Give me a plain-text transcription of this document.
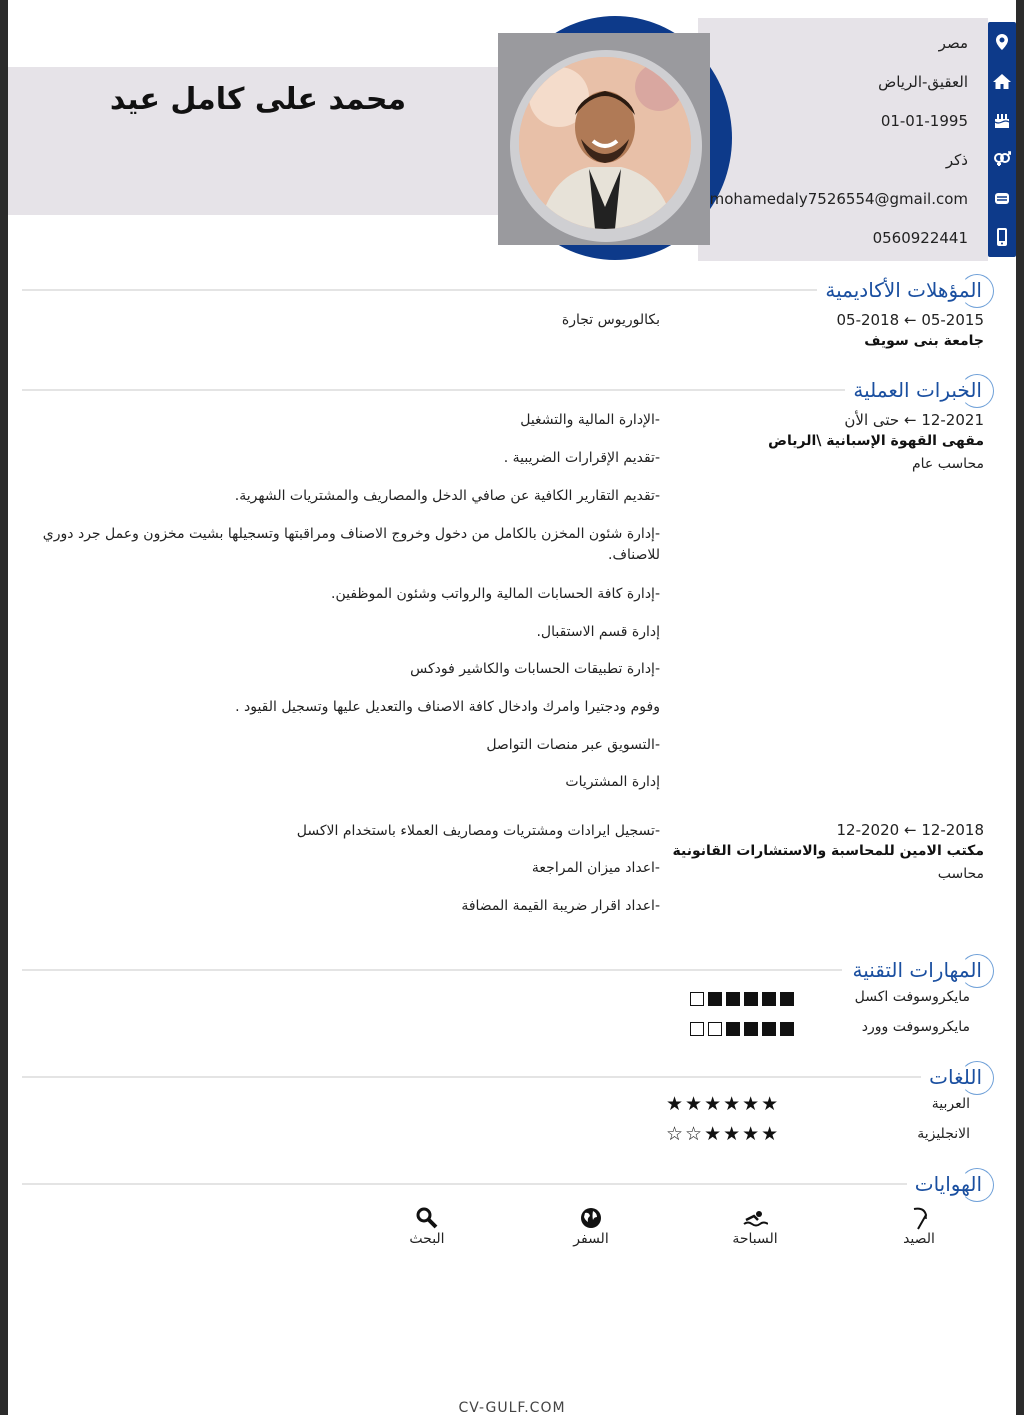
محمد على كامل عيد
مصر
العقيق-الرياض
01-01-1995
ذكر
mohamedaly7526554@gmail.com
0560922441
المؤهلات الأكاديمية
05-2015 ← 05-2018
جامعة بنى سويف
بكالوريوس تجارة
الخبرات العملية
12-2021 ← حتى الأن
مقهى القهوة الإسبانية \الرياض
محاسب عام
-الإدارة المالية والتشغيل
-تقديم الإقرارات الضريبية .
-تقديم التقارير الكافية عن صافي الدخل والمصاريف والمشتريات الشهرية.
-إدارة شئون المخزن بالكامل من دخول وخروج الاصناف ومراقبتها وتسجيلها بشيت مخزون وعمل جرد دوري للاصناف.
-إدارة كافة الحسابات المالية والرواتب وشئون الموظفين.
إدارة قسم الاستقبال.
-إدارة تطبيقات الحسابات والكاشير فودكس
وفوم ودجتيرا وامرك وادخال كافة الاصناف والتعديل عليها وتسجيل القيود .
-التسويق عبر منصات التواصل
إدارة المشتريات
12-2018 ← 12-2020
مكتب الامين للمحاسبة والاستشارات القانونية
محاسب
-تسجيل ايرادات ومشتريات ومصاريف العملاء باستخدام الاكسل
-اعداد ميزان المراجعة
-اعداد اقرار ضريبة القيمة المضافة
المهارات التقنية
مايكروسوفت اكسل
مايكروسوفت وورد
اللغات
العربية
★★★★★★
الانجليزية
☆☆★★★★
الهوايات
الصيد
السباحة
السفر
البحث
CV-GULF.COM
